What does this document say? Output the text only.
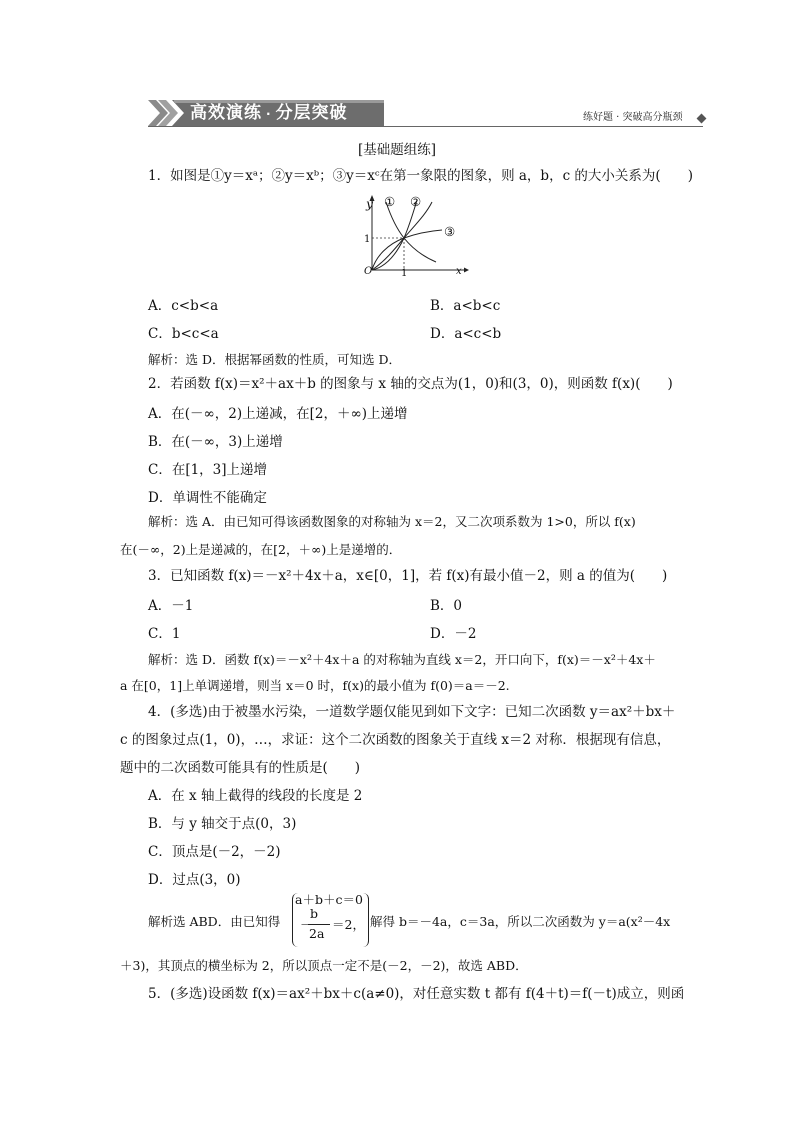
高效演练 · 分层突破	练好题 · 突破高分瓶颈
[基础题组练]
1．如图是①y＝xᵃ；②y＝xᵇ；③y＝xᶜ在第一象限的图象，则 a，b，c 的大小关系为(　　)
y ① ②
③
1
O	1	x
A．c<b<a	B．a<b<c
C．b<c<a	D．a<c<b
解析：选 D．根据幂函数的性质，可知选 D．
2．若函数 f(x)＝x²＋ax＋b 的图象与 x 轴的交点为(1，0)和(3，0)，则函数 f(x)(　　)
A．在(－∞，2)上递减，在[2，＋∞)上递增
B．在(－∞，3)上递增
C．在[1，3]上递增
D．单调性不能确定
解析：选 A．由已知可得该函数图象的对称轴为 x＝2，又二次项系数为 1>0，所以 f(x)
在(－∞，2)上是递减的，在[2，＋∞)上是递增的．
3．已知函数 f(x)＝－x²＋4x＋a，x∈[0，1]，若 f(x)有最小值－2，则 a 的值为(　　)
A．－1	B．0
C．1	D．－2
解析：选 D．函数 f(x)＝－x²＋4x＋a 的对称轴为直线 x＝2，开口向下，f(x)＝－x²＋4x＋
a 在[0，1]上单调递增，则当 x＝0 时，f(x)的最小值为 f(0)＝a＝－2.
4．(多选)由于被墨水污染，一道数学题仅能见到如下文字：已知二次函数 y＝ax²＋bx＋
c 的图象过点(1，0)，…，求证：这个二次函数的图象关于直线 x＝2 对称．根据现有信息，
题中的二次函数可能具有的性质是(　　)
A．在 x 轴上截得的线段的长度是 2
B．与 y 轴交于点(0，3)
C．顶点是(－2，－2)
D．过点(3，0)
解析选 ABD．由已知得
a＋b＋c＝0
－
b
2a
＝2， 解得 b＝－4a，c＝3a，所以二次函数为 y＝a(x²－4x
＋3)，其顶点的横坐标为 2，所以顶点一定不是(－2，－2)，故选 ABD．
5．(多选)设函数 f(x)＝ax²＋bx＋c(a≠0)，对任意实数 t 都有 f(4＋t)＝f(－t)成立，则函
